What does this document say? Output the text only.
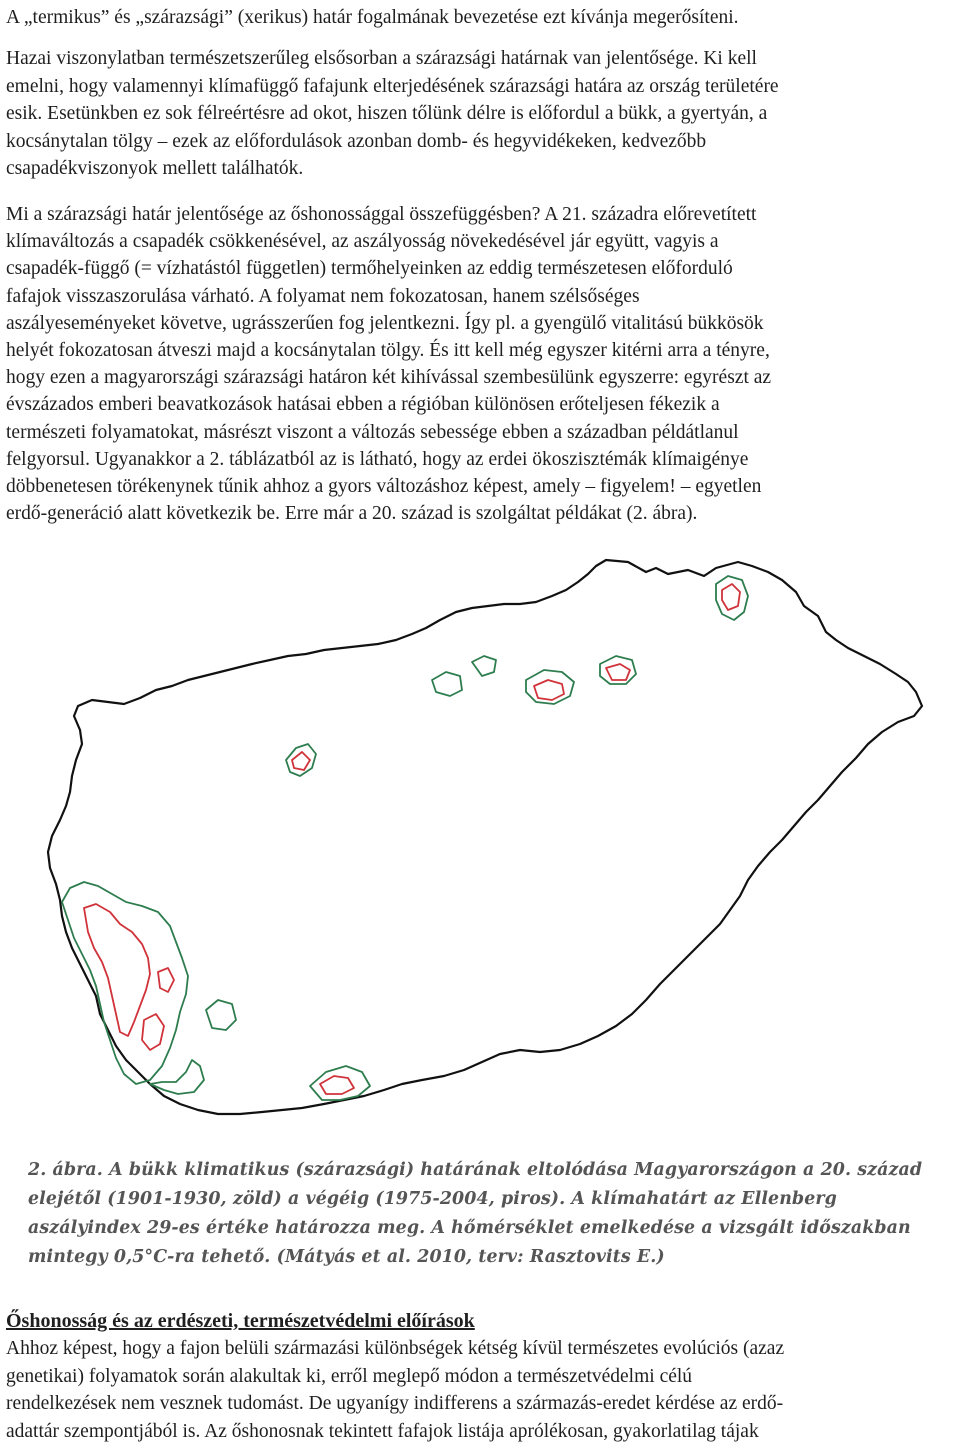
A „termikus” és „szárazsági” (xerikus) határ fogalmának bevezetése ezt kívánja megerősíteni.
Hazai viszonylatban természetszerűleg elsősorban a szárazsági határnak van jelentősége. Ki kell
emelni, hogy valamennyi klímafüggő fafajunk elterjedésének szárazsági határa az ország területére
esik. Esetünkben ez sok félreértésre ad okot, hiszen tőlünk délre is előfordul a bükk, a gyertyán, a
kocsánytalan tölgy – ezek az előfordulások azonban domb- és hegyvidékeken, kedvezőbb
csapadékviszonyok mellett találhatók.
Mi a szárazsági határ jelentősége az őshonossággal összefüggésben? A 21. századra előrevetített
klímaváltozás a csapadék csökkenésével, az aszályosság növekedésével jár együtt, vagyis a
csapadék-függő (= vízhatástól független) termőhelyeinken az eddig természetesen előforduló
fafajok visszaszorulása várható. A folyamat nem fokozatosan, hanem szélsőséges
aszályeseményeket követve, ugrásszerűen fog jelentkezni. Így pl. a gyengülő vitalitású bükkösök
helyét fokozatosan átveszi majd a kocsánytalan tölgy. És itt kell még egyszer kitérni arra a tényre,
hogy ezen a magyarországi szárazsági határon két kihívással szembesülünk egyszerre: egyrészt az
évszázados emberi beavatkozások hatásai ebben a régióban különösen erőteljesen fékezik a
természeti folyamatokat, másrészt viszont a változás sebessége ebben a században példátlanul
felgyorsul. Ugyanakkor a 2. táblázatból az is látható, hogy az erdei ökoszisztémák klímaigénye
döbbenetesen törékenynek tűnik ahhoz a gyors változáshoz képest, amely – figyelem! – egyetlen
erdő-generáció alatt következik be. Erre már a 20. század is szolgáltat példákat (2. ábra).
2. ábra. A bükk klimatikus (szárazsági) határának eltolódása Magyarországon a 20. század
elejétől (1901-1930, zöld) a végéig (1975-2004, piros). A klímahatárt az Ellenberg
aszályindex 29-es értéke határozza meg. A hőmérséklet emelkedése a vizsgált időszakban
mintegy 0,5°C-ra tehető. (Mátyás et al. 2010, terv: Rasztovits E.)
Őshonosság és az erdészeti, természetvédelmi előírások
Ahhoz képest, hogy a fajon belüli származási különbségek kétség kívül természetes evolúciós (azaz
genetikai) folyamatok során alakultak ki, erről meglepő módon a természetvédelmi célú
rendelkezések nem vesznek tudomást. De ugyanígy indifferens a származás-eredet kérdése az erdő-
adattár szempontjából is. Az őshonosnak tekintett fafajok listája aprólékosan, gyakorlatilag tájak
